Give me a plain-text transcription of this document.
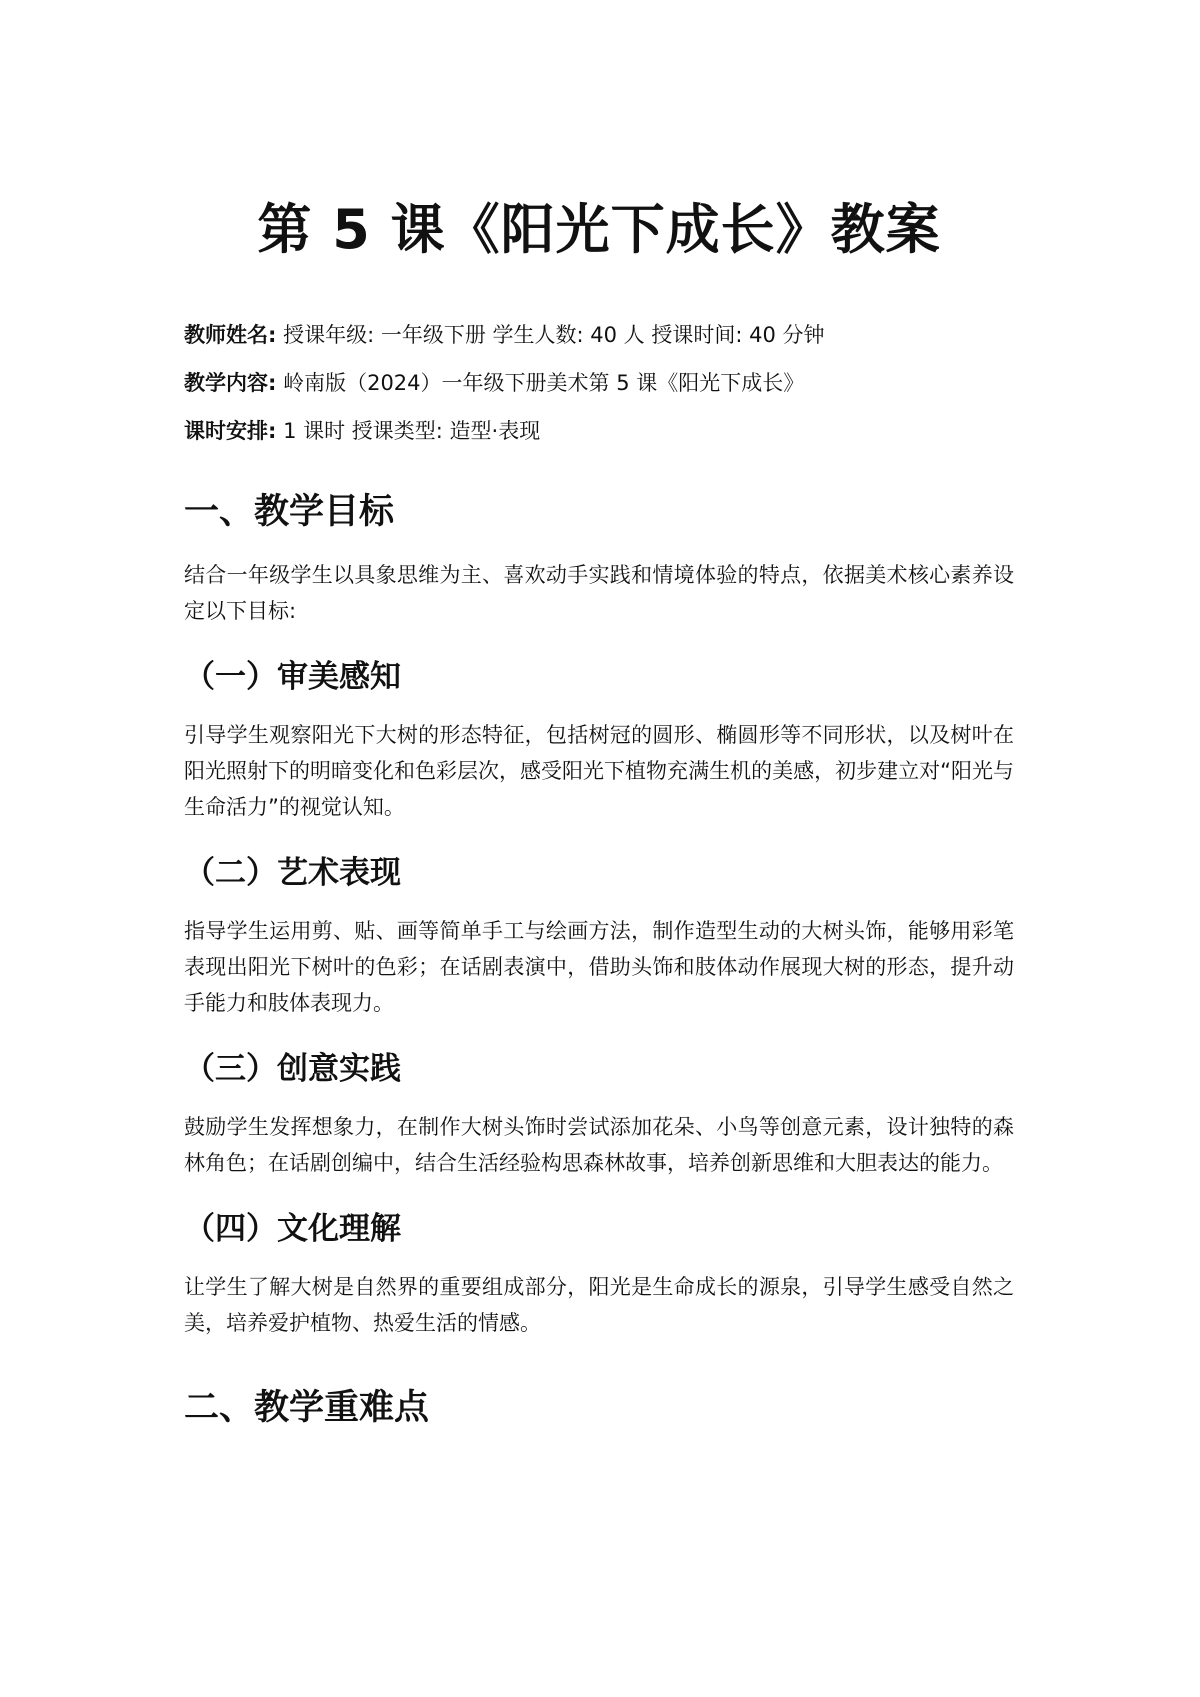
第 5 课《阳光下成长》教案

教师姓名: 授课年级: 一年级下册 学生人数: 40 人 授课时间: 40 分钟

教学内容: 岭南版（2024）一年级下册美术第 5 课《阳光下成长》

课时安排: 1 课时 授课类型: 造型·表现

一、教学目标

结合一年级学生以具象思维为主、喜欢动手实践和情境体验的特点，依据美术核心素养设定以下目标:

（一）审美感知

引导学生观察阳光下大树的形态特征，包括树冠的圆形、椭圆形等不同形状，以及树叶在阳光照射下的明暗变化和色彩层次，感受阳光下植物充满生机的美感，初步建立对“阳光与生命活力”的视觉认知。

（二）艺术表现

指导学生运用剪、贴、画等简单手工与绘画方法，制作造型生动的大树头饰，能够用彩笔表现出阳光下树叶的色彩；在话剧表演中，借助头饰和肢体动作展现大树的形态，提升动手能力和肢体表现力。

（三）创意实践

鼓励学生发挥想象力，在制作大树头饰时尝试添加花朵、小鸟等创意元素，设计独特的森林角色；在话剧创编中，结合生活经验构思森林故事，培养创新思维和大胆表达的能力。

（四）文化理解

让学生了解大树是自然界的重要组成部分，阳光是生命成长的源泉，引导学生感受自然之美，培养爱护植物、热爱生活的情感。

二、教学重难点
